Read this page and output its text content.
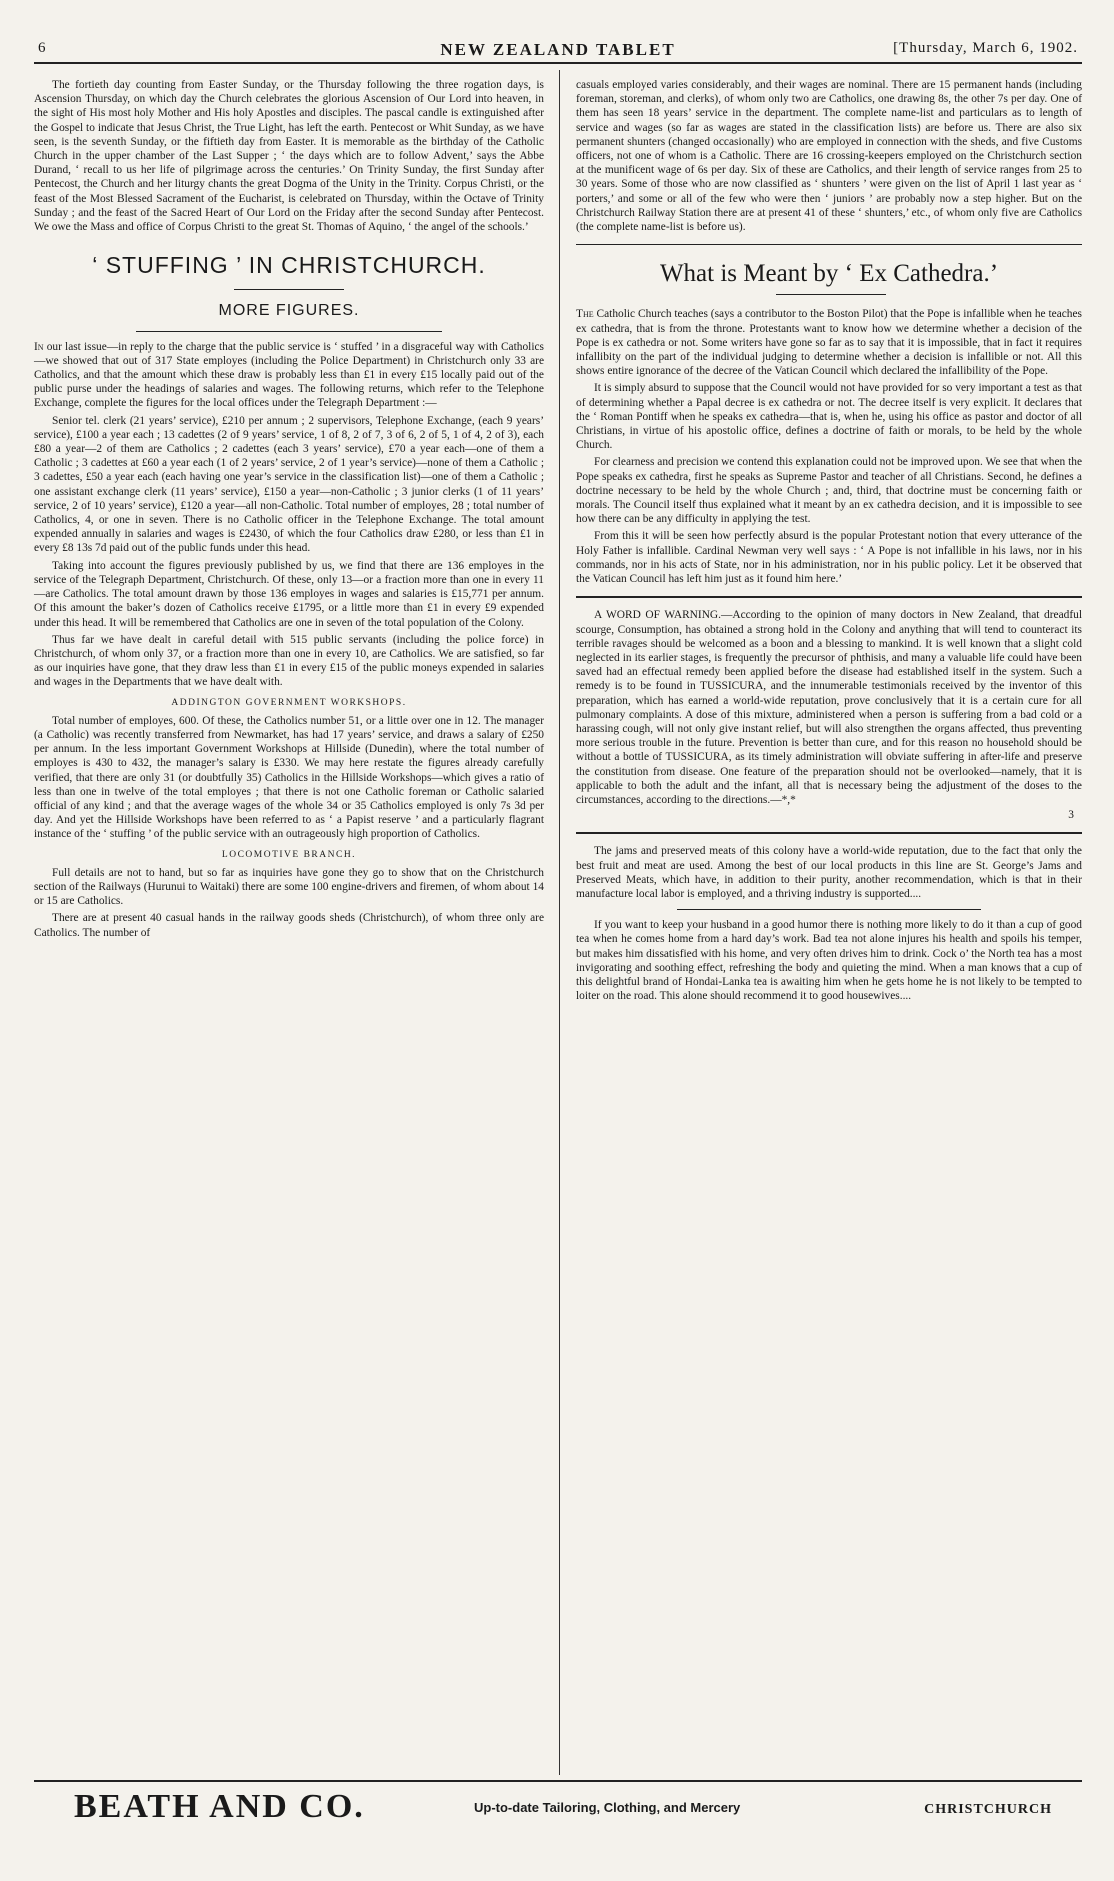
6	NEW ZEALAND TABLET	[Thursday, March 6, 1902.

The fortieth day counting from Easter Sunday, or the Thursday following the three rogation days, is Ascension Thursday, on which day the Church celebrates the glorious Ascension of Our Lord into heaven, in the sight of His most holy Mother and His holy Apostles and disciples. The pascal candle is extinguished after the Gospel to indicate that Jesus Christ, the True Light, has left the earth. Pentecost or Whit Sunday, as we have seen, is the seventh Sunday, or the fiftieth day from Easter. It is memorable as the birthday of the Catholic Church in the upper chamber of the Last Supper ; ‘ the days which are to follow Advent,’ says the Abbe Durand, ‘ recall to us her life of pilgrimage across the centuries.’ On Trinity Sunday, the first Sunday after Pentecost, the Church and her liturgy chants the great Dogma of the Unity in the Trinity. Corpus Christi, or the feast of the Most Blessed Sacrament of the Eucharist, is celebrated on Thursday, within the Octave of Trinity Sunday ; and the feast of the Sacred Heart of Our Lord on the Friday after the second Sunday after Pentecost. We owe the Mass and office of Corpus Christi to the great St. Thomas of Aquino, ‘ the angel of the schools.’

‘ STUFFING ’ IN CHRISTCHURCH.
MORE FIGURES.

In our last issue—in reply to the charge that the public service is ‘ stuffed ’ in a disgraceful way with Catholics—we showed that out of 317 State employes (including the Police Department) in Christchurch only 33 are Catholics, and that the amount which these draw is probably less than £1 in every £15 locally paid out of the public purse under the headings of salaries and wages. The following returns, which refer to the Telephone Exchange, complete the figures for the local offices under the Telegraph Department :—

Senior tel. clerk (21 years’ service), £210 per annum ; 2 supervisors, Telephone Exchange, (each 9 years’ service), £100 a year each ; 13 cadettes (2 of 9 years’ service, 1 of 8, 2 of 7, 3 of 6, 2 of 5, 1 of 4, 2 of 3), each £80 a year—2 of them are Catholics ; 2 cadettes (each 3 years’ service), £70 a year each—one of them a Catholic ; 3 cadettes at £60 a year each (1 of 2 years’ service, 2 of 1 year’s service)—none of them a Catholic ; 3 cadettes, £50 a year each (each having one year’s service in the classification list)—one of them a Catholic ; one assistant exchange clerk (11 years’ service), £150 a year—non-Catholic ; 3 junior clerks (1 of 11 years’ service, 2 of 10 years’ service), £120 a year—all non-Catholic. Total number of employes, 28 ; total number of Catholics, 4, or one in seven. There is no Catholic officer in the Telephone Exchange. The total amount expended annually in salaries and wages is £2430, of which the four Catholics draw £280, or less than £1 in every £8 13s 7d paid out of the public funds under this head.

Taking into account the figures previously published by us, we find that there are 136 employes in the service of the Telegraph Department, Christchurch. Of these, only 13—or a fraction more than one in every 11—are Catholics. The total amount drawn by those 136 employes in wages and salaries is £15,771 per annum. Of this amount the baker’s dozen of Catholics receive £1795, or a little more than £1 in every £9 expended under this head. It will be remembered that Catholics are one in seven of the total population of the Colony.

Thus far we have dealt in careful detail with 515 public servants (including the police force) in Christchurch, of whom only 37, or a fraction more than one in every 10, are Catholics. We are satisfied, so far as our inquiries have gone, that they draw less than £1 in every £15 of the public moneys expended in salaries and wages in the Departments that we have dealt with.

ADDINGTON GOVERNMENT WORKSHOPS.

Total number of employes, 600. Of these, the Catholics number 51, or a little over one in 12. The manager (a Catholic) was recently transferred from Newmarket, has had 17 years’ service, and draws a salary of £250 per annum. In the less important Government Workshops at Hillside (Dunedin), where the total number of employes is 430 to 432, the manager’s salary is £330. We may here restate the figures already carefully verified, that there are only 31 (or doubtfully 35) Catholics in the Hillside Workshops—which gives a ratio of less than one in twelve of the total employes ; that there is not one Catholic foreman or Catholic salaried official of any kind ; and that the average wages of the whole 34 or 35 Catholics employed is only 7s 3d per day. And yet the Hillside Workshops have been referred to as ‘ a Papist reserve ’ and a particularly flagrant instance of the ‘ stuffing ’ of the public service with an outrageously high proportion of Catholics.

LOCOMOTIVE BRANCH.

Full details are not to hand, but so far as inquiries have gone they go to show that on the Christchurch section of the Railways (Hurunui to Waitaki) there are some 100 engine-drivers and firemen, of whom about 14 or 15 are Catholics.

There are at present 40 casual hands in the railway goods sheds (Christchurch), of whom three only are Catholics. The number of

casuals employed varies considerably, and their wages are nominal. There are 15 permanent hands (including foreman, storeman, and clerks), of whom only two are Catholics, one drawing 8s, the other 7s per day. One of them has seen 18 years’ service in the department. The complete name-list and particulars as to length of service and wages (so far as wages are stated in the classification lists) are before us. There are also six permanent shunters (changed occasionally) who are employed in connection with the sheds, and five Customs officers, not one of whom is a Catholic. There are 16 crossing-keepers employed on the Christchurch section at the munificent wage of 6s per day. Six of these are Catholics, and their length of service ranges from 25 to 30 years. Some of those who are now classified as ‘ shunters ’ were given on the list of April 1 last year as ‘ porters,’ and some or all of the few who were then ‘ juniors ’ are probably now a step higher. But on the Christchurch Railway Station there are at present 41 of these ‘ shunters,’ etc., of whom only five are Catholics (the complete name-list is before us).

What is Meant by ‘ Ex Cathedra.’

The Catholic Church teaches (says a contributor to the Boston Pilot) that the Pope is infallible when he teaches ex cathedra, that is from the throne. Protestants want to know how we determine whether a decision of the Pope is ex cathedra or not. Some writers have gone so far as to say that it is impossible, that in fact it requires infallibity on the part of the individual judging to determine whether a decision is infallible or not. All this shows entire ignorance of the decree of the Vatican Council which declared the infallibility of the Pope.

It is simply absurd to suppose that the Council would not have provided for so very important a test as that of determining whether a Papal decree is ex cathedra or not. The decree itself is very explicit. It declares that the ‘ Roman Pontiff when he speaks ex cathedra—that is, when he, using his office as pastor and doctor of all Christians, in virtue of his apostolic office, defines a doctrine of faith or morals, to be held by the whole Church.

For clearness and precision we contend this explanation could not be improved upon. We see that when the Pope speaks ex cathedra, first he speaks as Supreme Pastor and teacher of all Christians. Second, he defines a doctrine necessary to be held by the whole Church ; and, third, that doctrine must be concerning faith or morals. The Council itself thus explained what it meant by an ex cathedra decision, and it is impossible to see how there can be any difficulty in applying the test.

From this it will be seen how perfectly absurd is the popular Protestant notion that every utterance of the Holy Father is infallible. Cardinal Newman very well says : ‘ A Pope is not infallible in his laws, nor in his commands, nor in his acts of State, nor in his administration, nor in his public policy. Let it be observed that the Vatican Council has left him just as it found him here.’

A WORD OF WARNING.—According to the opinion of many doctors in New Zealand, that dreadful scourge, Consumption, has obtained a strong hold in the Colony and anything that will tend to counteract its terrible ravages should be welcomed as a boon and a blessing to mankind. It is well known that a slight cold neglected in its earlier stages, is frequently the precursor of phthisis, and many a valuable life could have been saved had an effectual remedy been applied before the disease had established itself in the system. Such a remedy is to be found in TUSSICURA, and the innumerable testimonials received by the inventor of this preparation, which has earned a world-wide reputation, prove conclusively that it is a certain cure for all pulmonary complaints. A dose of this mixture, administered when a person is suffering from a bad cold or a harassing cough, will not only give instant relief, but will also strengthen the organs affected, thus preventing more serious trouble in the future. Prevention is better than cure, and for this reason no household should be without a bottle of TUSSICURA, as its timely administration will obviate suffering in after-life and preserve the constitution from disease. One feature of the preparation should not be overlooked—namely, that it is applicable to both the adult and the infant, all that is necessary being the adjustment of the doses to the circumstances, according to the directions.—*,*

3

The jams and preserved meats of this colony have a world-wide reputation, due to the fact that only the best fruit and meat are used. Among the best of our local products in this line are St. George’s Jams and Preserved Meats, which have, in addition to their purity, another recommendation, which is that in their manufacture local labor is employed, and a thriving industry is supported....

If you want to keep your husband in a good humor there is nothing more likely to do it than a cup of good tea when he comes home from a hard day’s work. Bad tea not alone injures his health and spoils his temper, but makes him dissatisfied with his home, and very often drives him to drink. Cock o’ the North tea has a most invigorating and soothing effect, refreshing the body and quieting the mind. When a man knows that a cup of this delightful brand of Hondai-Lanka tea is awaiting him when he gets home he is not likely to be tempted to loiter on the road. This alone should recommend it to good housewives....

BEATH AND CO.	Up-to-date Tailoring, Clothing, and Mercery	CHRISTCHURCH
